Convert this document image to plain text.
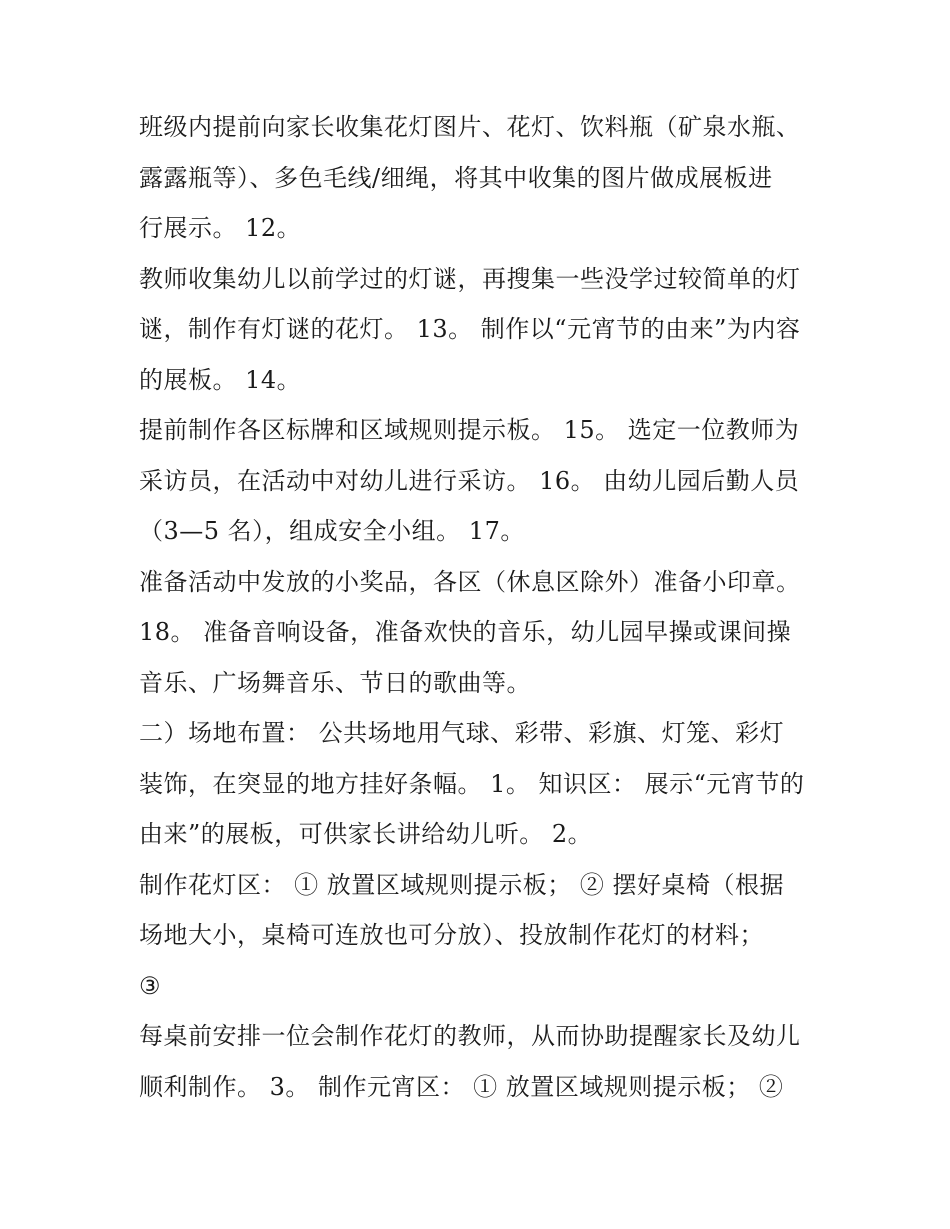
班级内提前向家长收集花灯图片、花灯、饮料瓶（矿泉水瓶、
露露瓶等）、多色毛线/细绳，将其中收集的图片做成展板进
行展示。 12。
教师收集幼儿以前学过的灯谜，再搜集一些没学过较简单的灯
谜，制作有灯谜的花灯。 13。 制作以“元宵节的由来”为内容
的展板。 14。
提前制作各区标牌和区域规则提示板。 15。 选定一位教师为
采访员，在活动中对幼儿进行采访。 16。 由幼儿园后勤人员
（3—5 名），组成安全小组。 17。
准备活动中发放的小奖品，各区（休息区除外）准备小印章。
18。 准备音响设备，准备欢快的音乐，幼儿园早操或课间操
音乐、广场舞音乐、节日的歌曲等。
二）场地布置： 公共场地用气球、彩带、彩旗、灯笼、彩灯
装饰，在突显的地方挂好条幅。 1。 知识区： 展示“元宵节的
由来”的展板，可供家长讲给幼儿听。 2。
制作花灯区： ① 放置区域规则提示板； ② 摆好桌椅（根据
场地大小，桌椅可连放也可分放）、投放制作花灯的材料；
③
每桌前安排一位会制作花灯的教师，从而协助提醒家长及幼儿
顺利制作。 3。 制作元宵区： ① 放置区域规则提示板； ②
